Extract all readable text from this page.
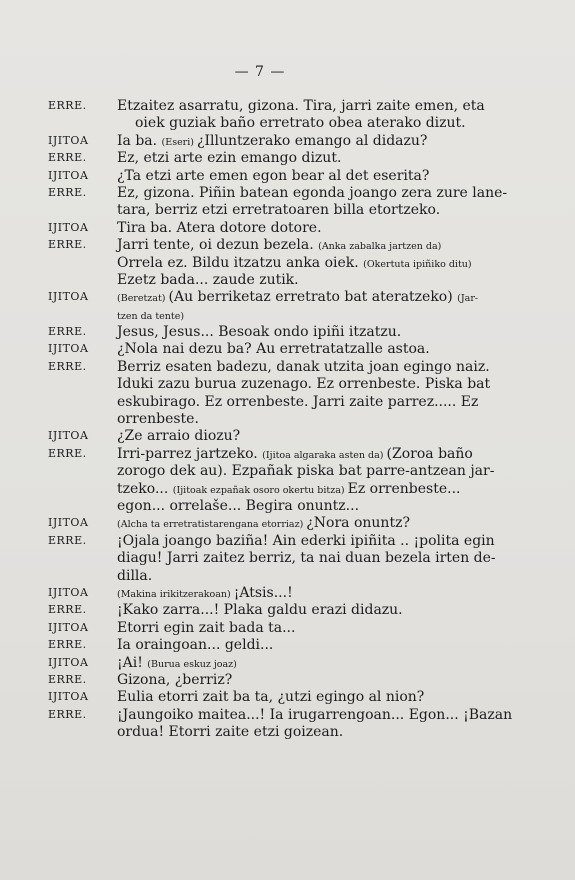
— 7 —
ERRE. Etzaitez asarratu, gizona. Tira, jarri zaite emen, eta
oiek guziak baño erretrato obea aterako dizut.
IJITOA Ia ba. (Eseri) ¿Illuntzerako emango al didazu?
ERRE. Ez, etzi arte ezin emango dizut.
IJITOA ¿Ta etzi arte emen egon bear al det eserita?
ERRE. Ez, gizona. Piñin batean egonda joango zera zure lane-
tara, berriz etzi erretratoaren billa etortzeko.
IJITOA Tira ba. Atera dotore dotore.
ERRE. Jarri tente, oi dezun bezela. (Anka zabalka jartzen da)
Orrela ez. Bildu itzatzu anka oiek. (Okertuta ipiñiko ditu)
Ezetz bada... zaude zutik.
IJITOA	(Beretzat) (Au berriketaz erretrato bat ateratzeko) (Jar-
tzen da tente)
ERRE. Jesus, Jesus... Besoak ondo ipiñi itzatzu.
IJITOA ¿Nola nai dezu ba? Au erretratatzalle astoa.
ERRE. Berriz esaten badezu, danak utzita joan egingo naiz.
Iduki zazu burua zuzenago. Ez orrenbeste. Piska bat
eskubirago. Ez orrenbeste. Jarri zaite parrez..... Ez
orrenbeste.
IJITOA ¿Ze arraio diozu?
ERRE. Irri-parrez jartzeko. (Ijitoa algaraka asten da) (Zoroa baño
zorogo dek au). Ezpañak piska bat parre-antzean jar-
tzeko... (Ijitoak ezpañak osoro okertu bitza) Ez orrenbeste...
egon... orrelaše... Begira onuntz...
IJITOA	(Alcha ta erretratistarengana etorriaz) ¿Nora onuntz?
ERRE. ¡Ojala joango baziña! Ain ederki ipiñita .. ¡polita egin
diagu! Jarri zaitez berriz, ta nai duan bezela irten de-
dilla.
IJITOA	(Makina irikitzerakoan) ¡Atsis...!
ERRE. ¡Kako zarra...! Plaka galdu erazi didazu.
IJITOA Etorri egin zait bada ta...
ERRE. Ia oraingoan... geldi...
IJITOA ¡Ai! (Burua eskuz joaz)
ERRE. Gizona, ¿berriz?
IJITOA Eulia etorri zait ba ta, ¿utzi egingo al nion?
ERRE. ¡Jaungoiko maitea...! Ia irugarrengoan... Egon... ¡Bazan
ordua! Etorri zaite etzi goizean.
